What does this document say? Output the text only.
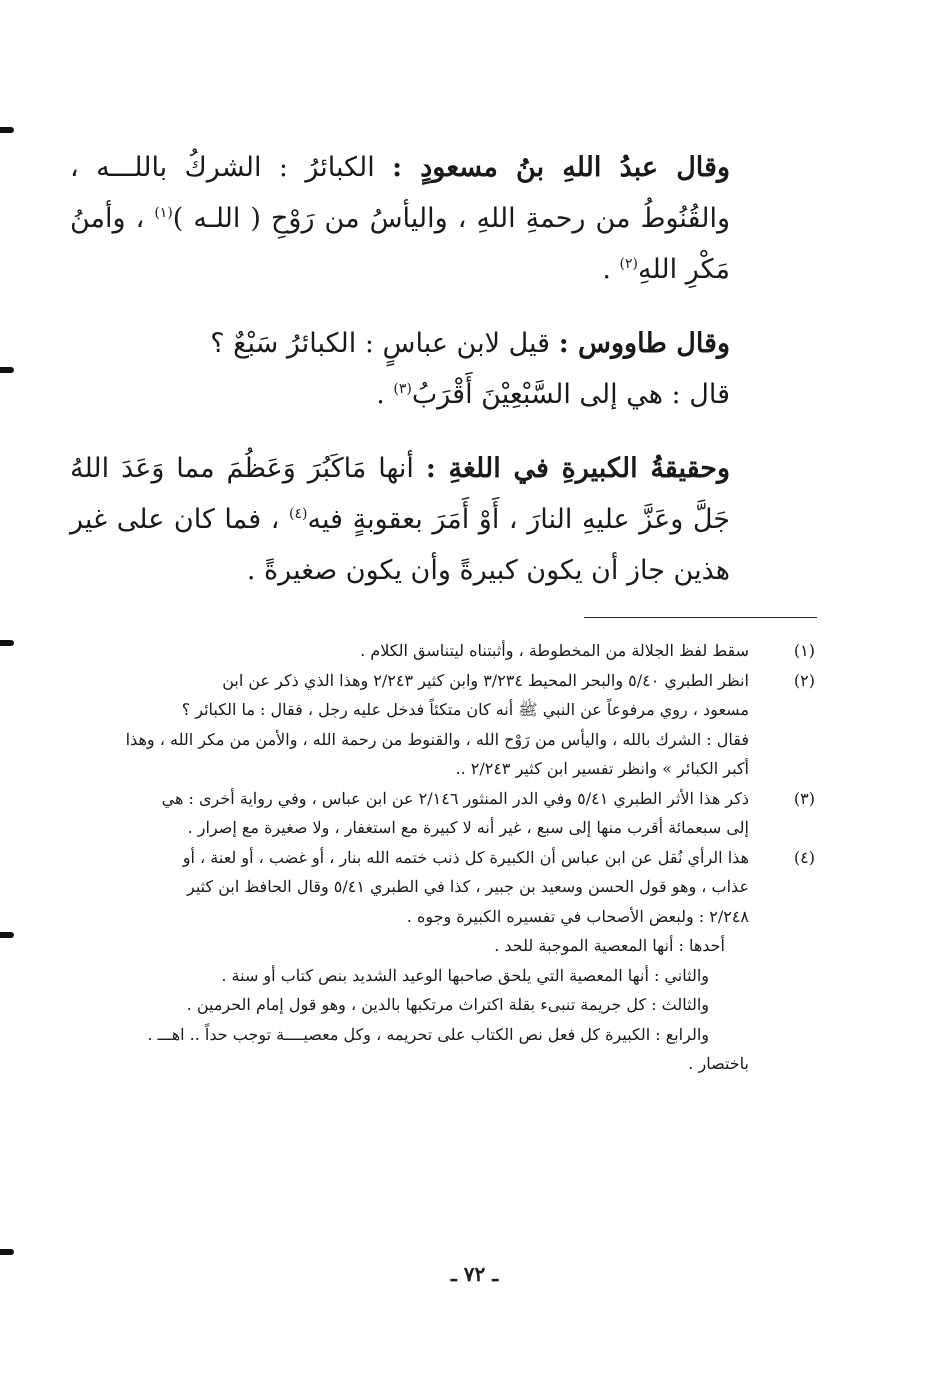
وقال عبدُ اللهِ بنُ مسعودٍ : الكبائرُ : الشركُ باللـــه ، والقُنُوطُ من رحمةِ اللهِ ، واليأسُ من رَوْحِ ( اللـه )$^{(١)}$ ، وأمنُ مَكْرِ اللهِ$^{(٢)}$ .

وقال طاووس : قيل لابن عباسٍ : الكبائرُ سَبْعٌ ؟
قال : هي إلى السَّبْعِيْنَ أَقْرَبُ$^{(٣)}$ .

وحقيقةُ الكبيرةِ في اللغةِ : أنها مَاكَبُرَ وَعَظُمَ مما وَعَدَ اللهُ جَلَّ وعَزَّ عليهِ النارَ ، أَوْ أَمَرَ بعقوبةٍ فيه$^{(٤)}$ ، فما كان على غير هذين جاز أن يكون كبيرةً وأن يكون صغيرةً .

(١)
سقط لفظ الجلالة من المخطوطة ، وأثبتناه ليتناسق الكلام .
(٢)
انظر الطبري ٥/٤٠ والبحر المحيط ٣/٢٣٤ وابن كثير ٢/٢٤٣ وهذا الذي ذكر عن ابن
مسعود ، روي مرفوعاً عن النبي ﷺ أنه كان متكئاً فدخل عليه رجل ، فقال : ما الكبائر ؟
فقال : الشرك بالله ، واليأس من رَوْح الله ، والقنوط من رحمة الله ، والأمن من مكر الله ، وهذا
أكبر الكبائر » وانظر تفسير ابن كثير ٢/٢٤٣ ..
(٣)
ذكر هذا الأثر الطبري ٥/٤١ وفي الدر المنثور ٢/١٤٦ عن ابن عباس ، وفي رواية أخرى : هي
إلى سبعمائة أقرب منها إلى سبع ، غير أنه لا كبيرة مع استغفار ، ولا صغيرة مع إصرار .
(٤)
هذا الرأي نُقل عن ابن عباس أن الكبيرة كل ذنب ختمه الله بنار ، أو غضب ، أو لعنة ، أو
عذاب ، وهو قول الحسن وسعيد بن جبير ، كذا في الطبري ٥/٤١ وقال الحافظ ابن كثير
٢/٢٤٨ : ولبعض الأصحاب في تفسيره الكبيرة وجوه .
أحدها : أنها المعصية الموجبة للحد .
والثاني : أنها المعصية التي يلحق صاحبها الوعيد الشديد بنص كتاب أو سنة .
والثالث : كل جريمة تنبىء بقلة اكتراث مرتكبها بالدين ، وهو قول إمام الحرمين .
والرابع : الكبيرة كل فعل نص الكتاب على تحريمه ، وكل معصيــــة توجب حداً .. اهـــ .
باختصار .
ـ ٧٢ ـ
